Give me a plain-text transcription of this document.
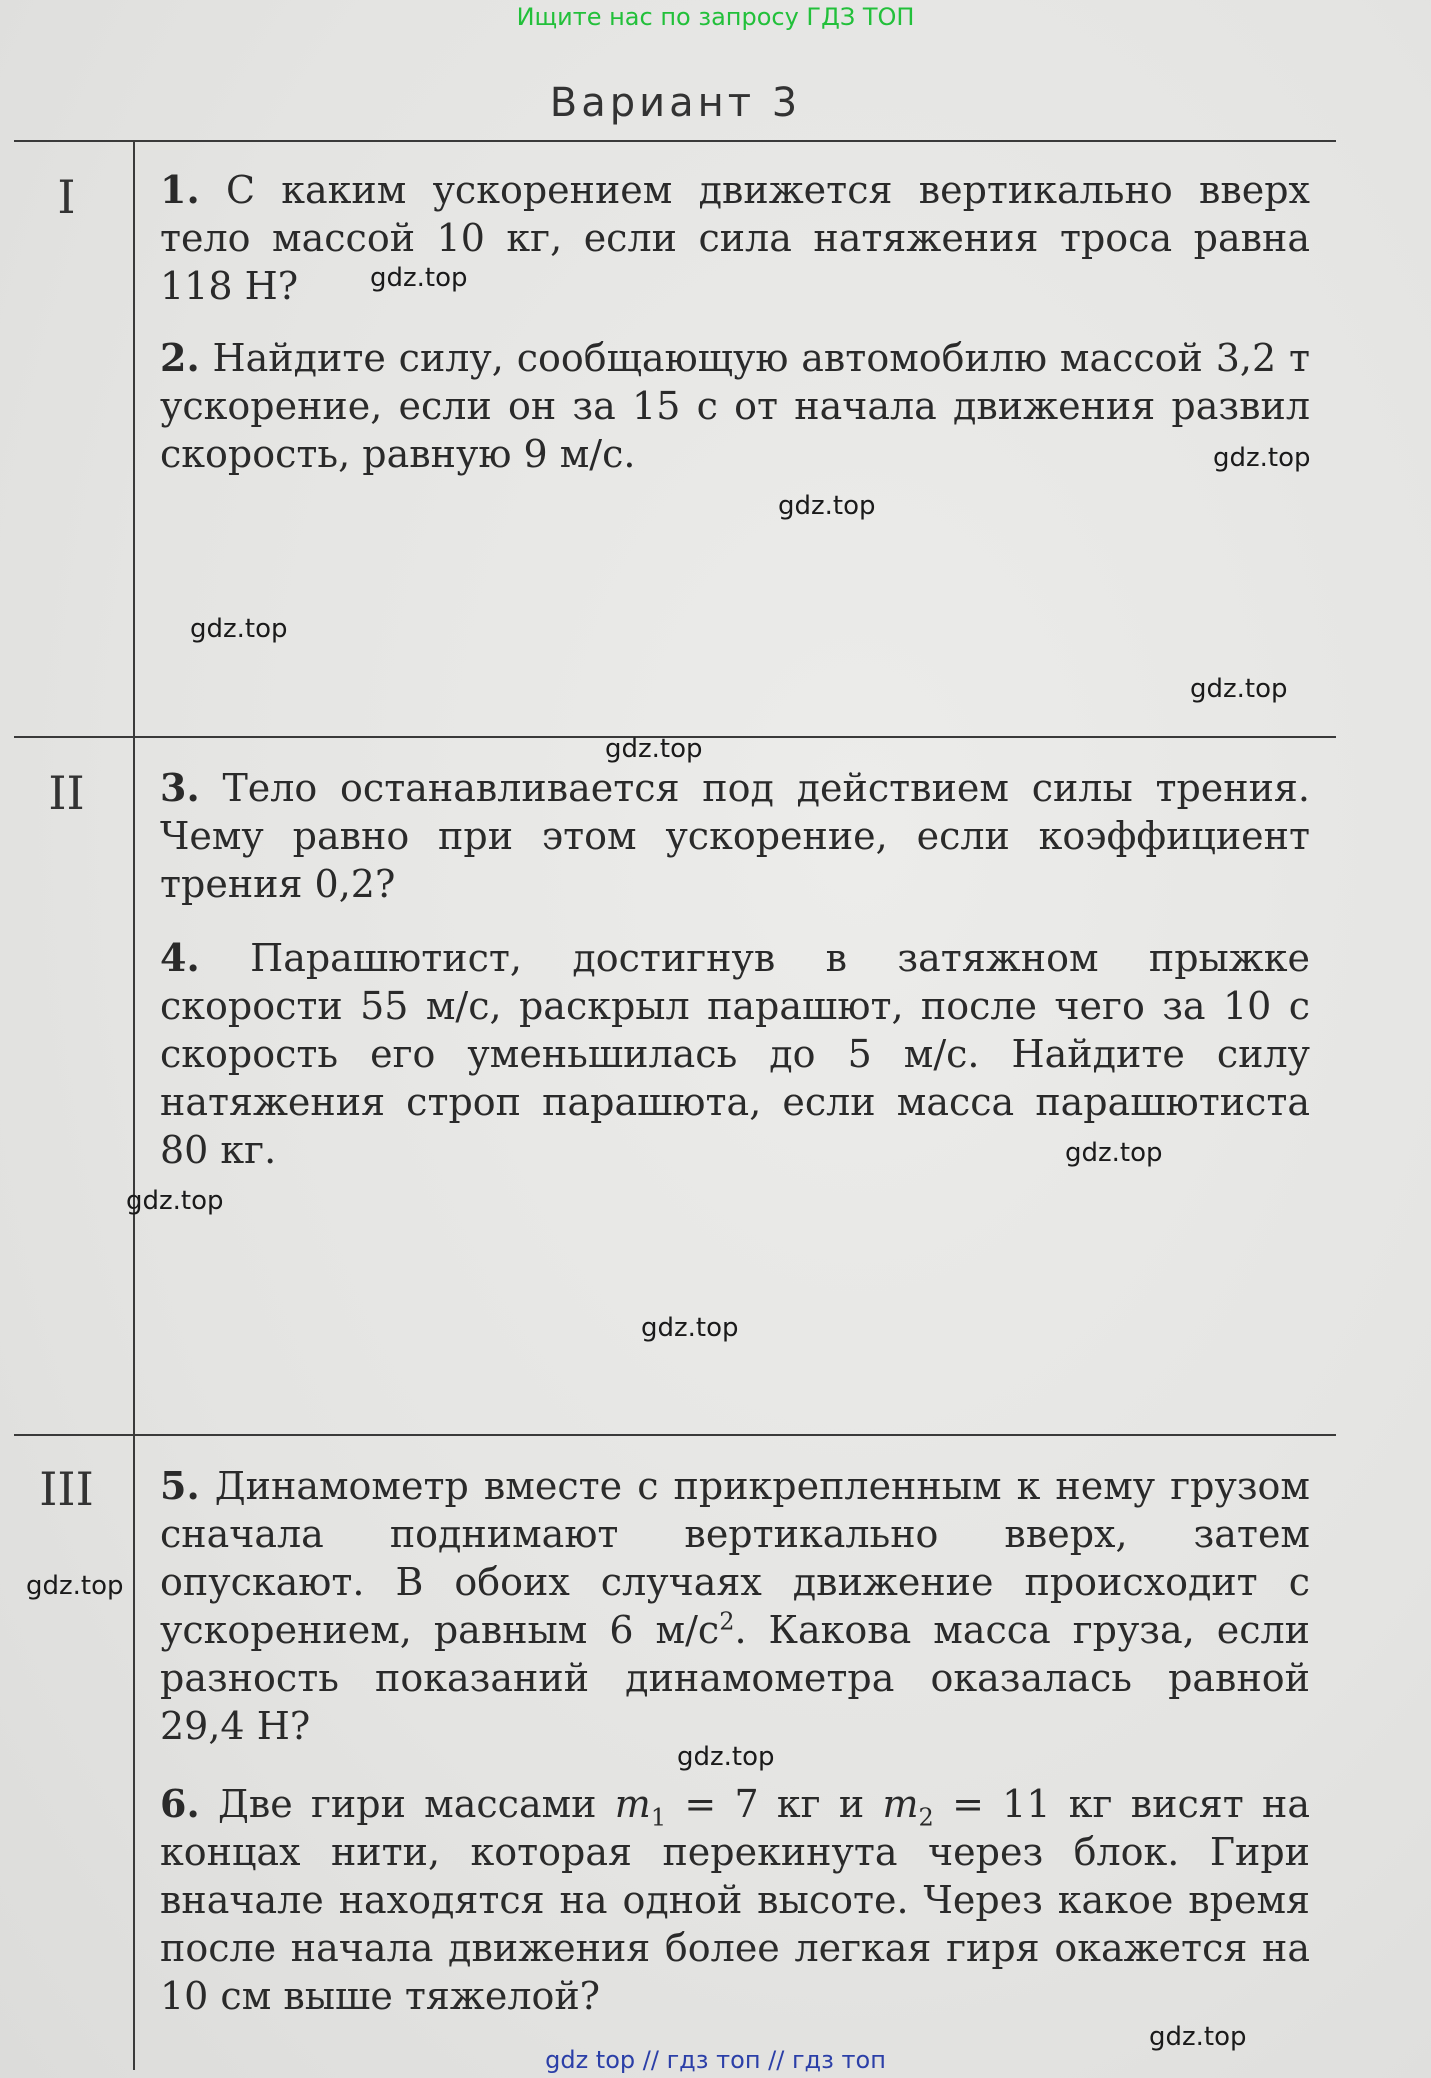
Ищите нас по запросу ГДЗ ТОП
Вариант 3
I	1. С каким ускорением движется вертикально вверх тело массой 10 кг, если сила натяжения троса равна 118 Н?
2. Найдите силу, сообщающую автомобилю массой 3,2 т ускорение, если он за 15 с от начала движения развил скорость, равную 9 м/с.
II	3. Тело останавливается под действием силы трения. Чему равно при этом ускорение, если коэффициент трения 0,2?
4. Парашютист, достигнув в затяжном прыжке скорости 55 м/с, раскрыл парашют, после чего за 10 с скорость его уменьшилась до 5 м/с. Найдите силу натяжения строп парашюта, если масса парашютиста 80 кг.
III	5. Динамометр вместе с прикрепленным к нему грузом сначала поднимают вертикально вверх, затем опускают. В обоих случаях движение происходит с ускорением, равным 6 $м/с^2$. Какова масса груза, если разность показаний динамометра оказалась равной 29,4 Н?
6. Две гири массами $m_1 = 7$ кг и $m_2 = 11$ кг висят на концах нити, которая перекинута через блок. Гири вначале находятся на одной высоте. Через какое время после начала движения более легкая гиря окажется на 10 см выше тяжелой?
gdz.top
gdz.top
gdz.top
gdz.top
gdz.top
gdz.top
gdz.top
gdz.top
gdz.top
gdz.top
gdz.top
gdz.top
gdz top // гдз топ // гдз топ
